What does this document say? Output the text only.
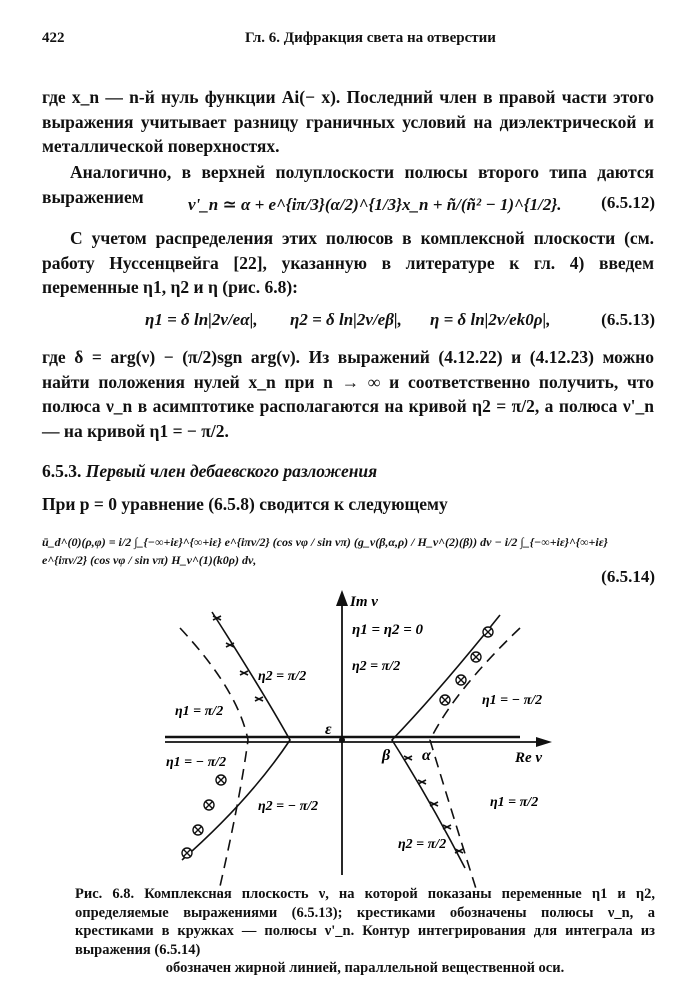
422	Гл. 6. Дифракция света на отверстии

где x_n — n-й нуль функции Ai(− x). Последний член в правой части этого выражения учитывает разницу граничных условий на диэлектрической и металлической поверхностях.

Аналогично, в верхней полуплоскости полюсы второго типа даются выражением	ν'_n ≃ α + e^{iπ/3}(α/2)^{1/3}x_n + ñ/(ñ² − 1)^{1/2}. (6.5.12)

С учетом распределения этих полюсов в комплексной плоскости (см. работу Нуссенцвейга [22], указанную в литературе к гл. 4) введем переменные η1, η2 и η (рис. 6.8):

η1 = δ ln|2ν/eα|, η2 = δ ln|2ν/eβ|, η = δ ln|2ν/ek0ρ|,	(6.5.13)

где δ = arg(ν) − (π/2)sgn arg(ν). Из выражений (4.12.22) и (4.12.23) можно найти положения нулей x_n при n → ∞ и соответственно получить, что полюса ν_n в асимптотике располагаются на кривой η2 = π/2, а полюса ν'_n — на кривой η1 = − π/2.

6.5.3. Первый член дебаевского разложения

При p = 0 уравнение (6.5.8) сводится к следующему

ū_d^(0)(ρ,φ) = i/2 ∫_{−∞+iε}^{∞+iε} e^{iπν/2} (cos νφ / sin νπ) (g_ν(β,α,ρ) / H_ν^(2)(β)) dν − i/2 ∫_{−∞+iε}^{∞+iε} e^{iπν/2} (cos νφ / sin νπ) H_ν^(1)(k0ρ) dν,
(6.5.14)
Im ν
Re ν
ε
β α
η1 = η2 = 0
η2 = π/2
η2 = π/2
η1 = π/2
η1 = − π/2
η1 = − π/2
η2 = − π/2	η1 = π/2
η2 = π/2
Рис. 6.8. Комплексная плоскость ν, на которой показаны переменные η1 и η2, определяемые выражениями (6.5.13); крестиками обозначены полюсы ν_n, а крестиками в кружках — полюсы ν'_n. Контур интегрирования для интеграла из выражения (6.5.14)
обозначен жирной линией, параллельной вещественной оси.
